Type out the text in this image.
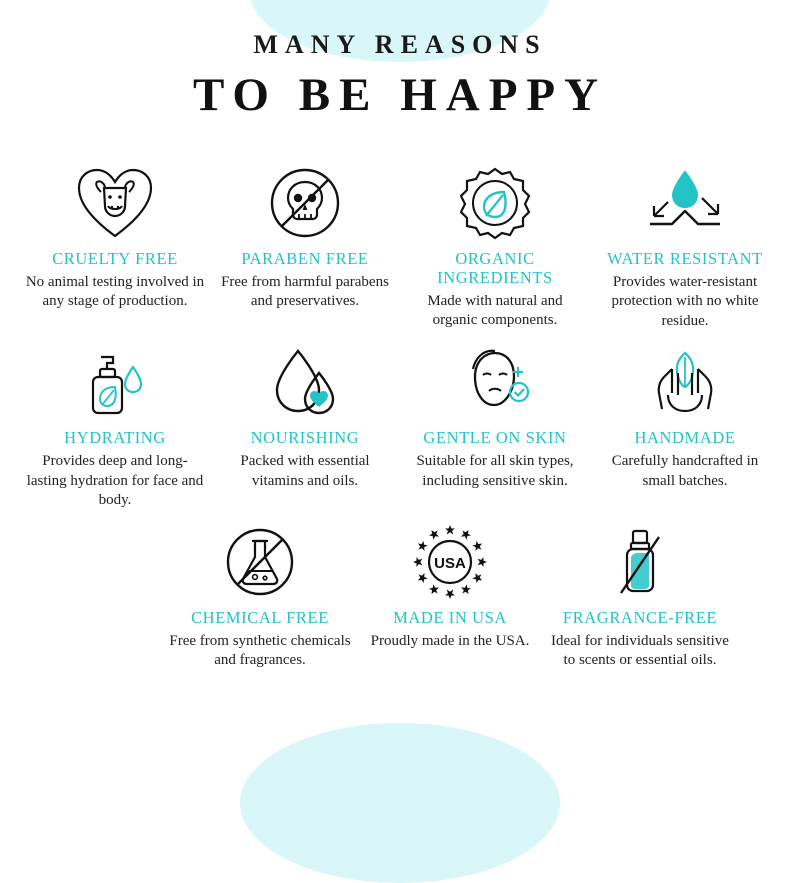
MANY REASONS
TO BE HAPPY
CRUELTY FREE
No animal testing involved in any stage of production.
PARABEN FREE
Free from harmful parabens and preservatives.
ORGANIC INGREDIENTS
Made with natural and organic components.
WATER RESISTANT
Provides water-resistant protection with no white residue.
HYDRATING
Provides deep and long-lasting hydration for face and body.
NOURISHING
Packed with essential vitamins and oils.
GENTLE ON SKIN
Suitable for all skin types, including sensitive skin.
HANDMADE
Carefully handcrafted in small batches.
CHEMICAL FREE
Free from synthetic chemicals and fragrances.
USA
MADE IN USA
Proudly made in the USA.
FRAGRANCE-FREE
Ideal for individuals sensitive to scents or essential oils.
